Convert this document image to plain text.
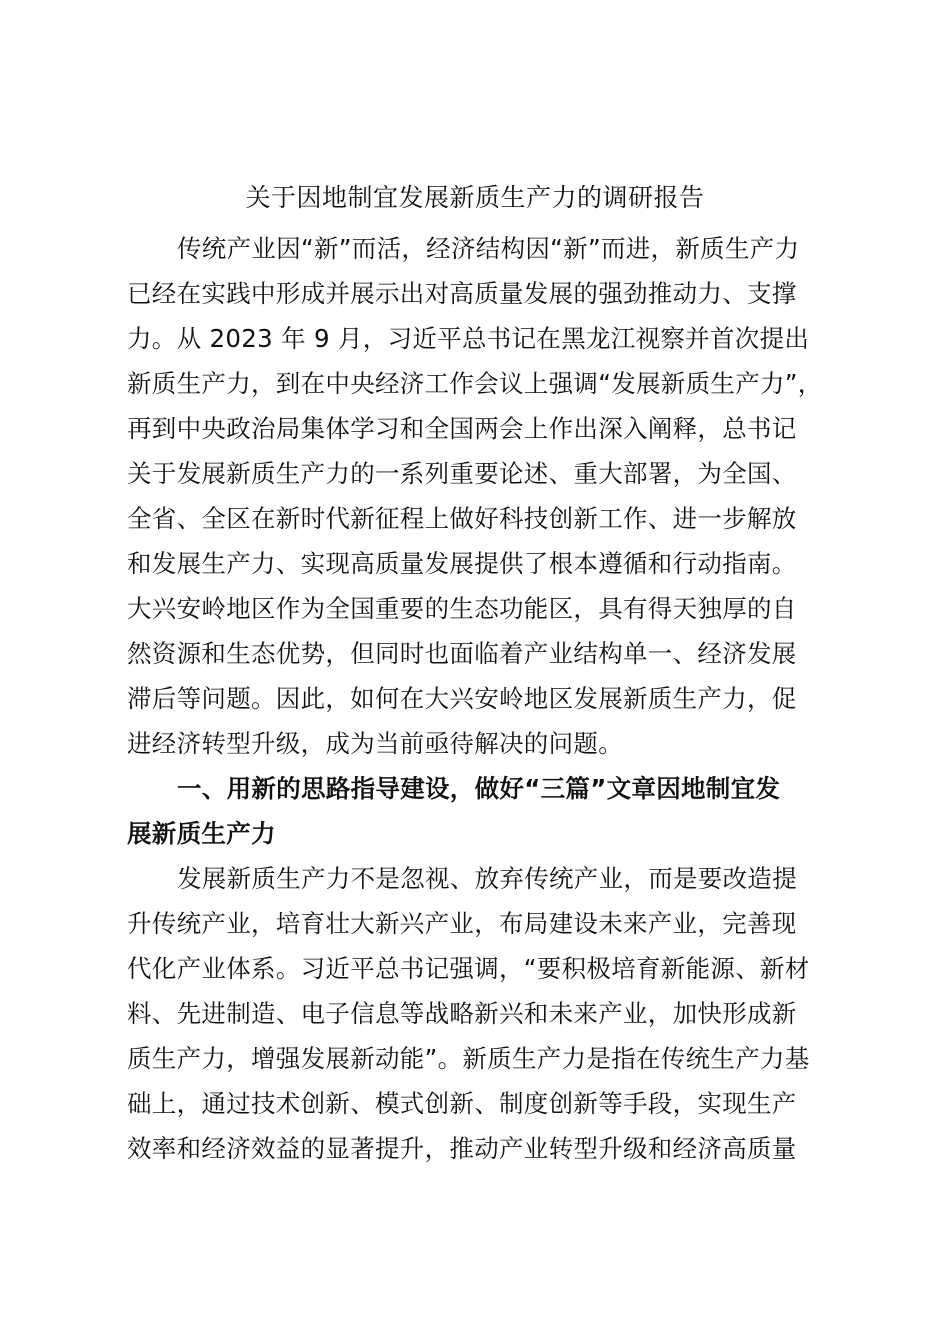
关于因地制宜发展新质生产力的调研报告
传统产业因“新”而活，经济结构因“新”而进，新质生产力
已经在实践中形成并展示出对高质量发展的强劲推动力、支撑
力。从 2023 年 9 月，习近平总书记在黑龙江视察并首次提出
新质生产力，到在中央经济工作会议上强调“发展新质生产力”，
再到中央政治局集体学习和全国两会上作出深入阐释，总书记
关于发展新质生产力的一系列重要论述、重大部署，为全国、
全省、全区在新时代新征程上做好科技创新工作、进一步解放
和发展生产力、实现高质量发展提供了根本遵循和行动指南。
大兴安岭地区作为全国重要的生态功能区，具有得天独厚的自
然资源和生态优势，但同时也面临着产业结构单一、经济发展
滞后等问题。因此，如何在大兴安岭地区发展新质生产力，促
进经济转型升级，成为当前亟待解决的问题。
一、用新的思路指导建设，做好“三篇”文章因地制宜发
展新质生产力
发展新质生产力不是忽视、放弃传统产业，而是要改造提
升传统产业，培育壮大新兴产业，布局建设未来产业，完善现
代化产业体系。习近平总书记强调，“要积极培育新能源、新材
料、先进制造、电子信息等战略新兴和未来产业，加快形成新
质生产力，增强发展新动能”。新质生产力是指在传统生产力基
础上，通过技术创新、模式创新、制度创新等手段，实现生产
效率和经济效益的显著提升，推动产业转型升级和经济高质量
